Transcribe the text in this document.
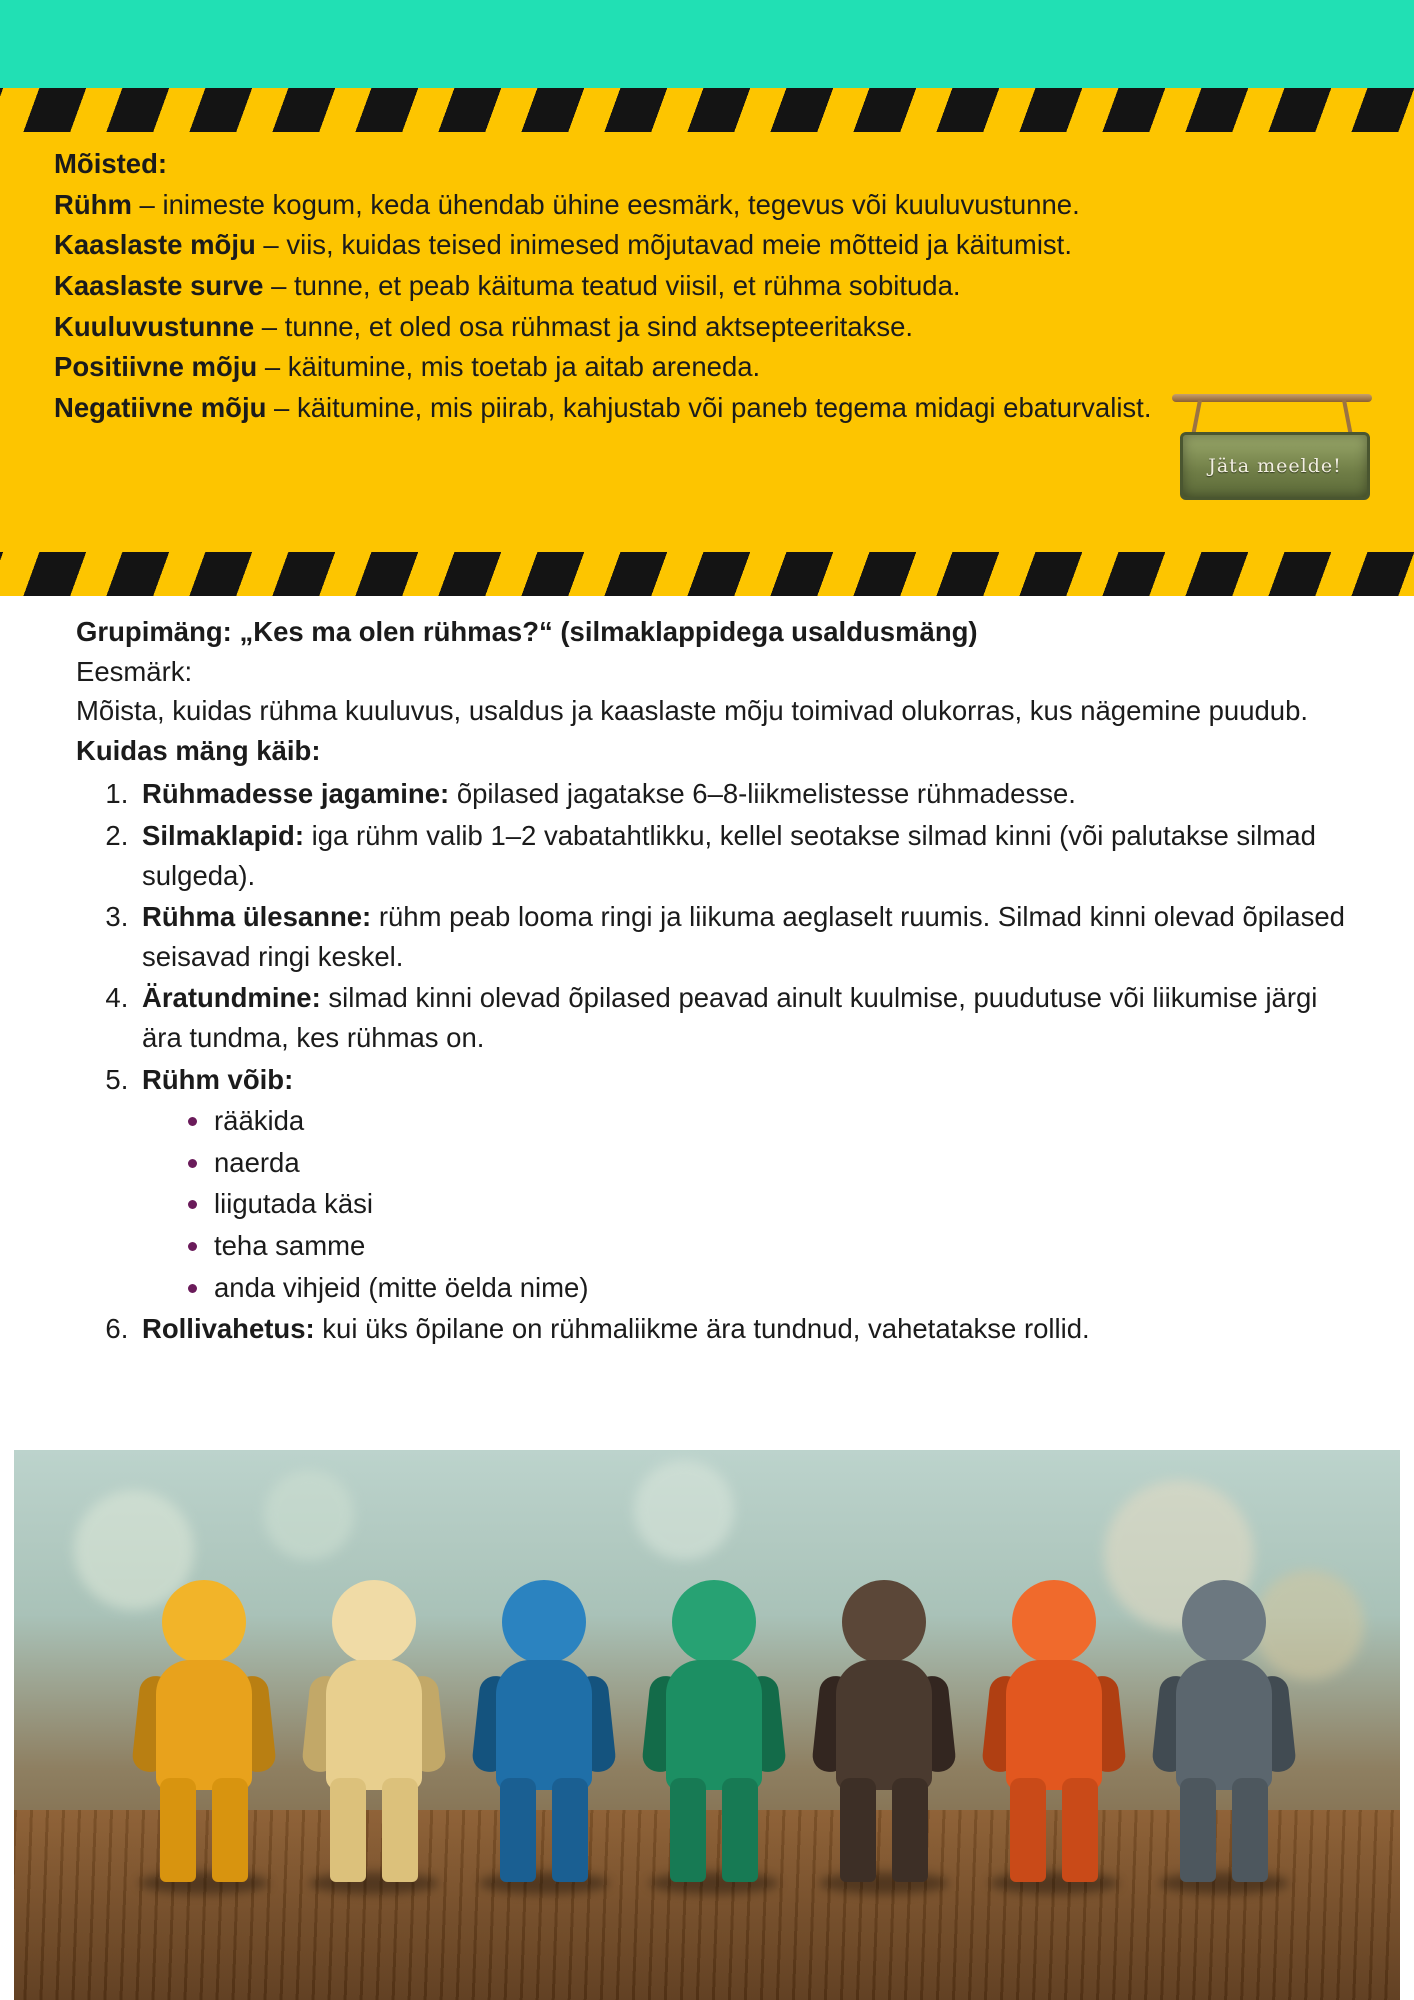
Mõisted:
Rühm – inimeste kogum, keda ühendab ühine eesmärk, tegevus või kuuluvustunne.
Kaaslaste mõju – viis, kuidas teised inimesed mõjutavad meie mõtteid ja käitumist.
Kaaslaste surve – tunne, et peab käituma teatud viisil, et rühma sobituda.
Kuuluvustunne – tunne, et oled osa rühmast ja sind aktsepteeritakse.
Positiivne mõju – käitumine, mis toetab ja aitab areneda.
Negatiivne mõju – käitumine, mis piirab, kahjustab või paneb tegema midagi ebaturvalist.
Jäta meelde!

Grupimäng: „Kes ma olen rühmas?“ (silmaklappidega usaldusmäng)

Eesmärk:

Mõista, kuidas rühma kuuluvus, usaldus ja kaaslaste mõju toimivad olukorras, kus nägemine puudub.

Kuidas mäng käib:

1. Rühmadesse jagamine: õpilased jagatakse 6–8-liikmelistesse rühmadesse.
2. Silmaklapid: iga rühm valib 1–2 vabatahtlikku, kellel seotakse silmad kinni (või palutakse silmad sulgeda).
3. Rühma ülesanne: rühm peab looma ringi ja liikuma aeglaselt ruumis. Silmad kinni olevad õpilased seisavad ringi keskel.
4. Äratundmine: silmad kinni olevad õpilased peavad ainult kuulmise, puudutuse või liikumise järgi ära tundma, kes rühmas on.
5. Rühm võib:
rääkida
naerda
liigutada käsi
teha samme
anda vihjeid (mitte öelda nime)
6. Rollivahetus: kui üks õpilane on rühmaliikme ära tundnud, vahetatakse rollid.
